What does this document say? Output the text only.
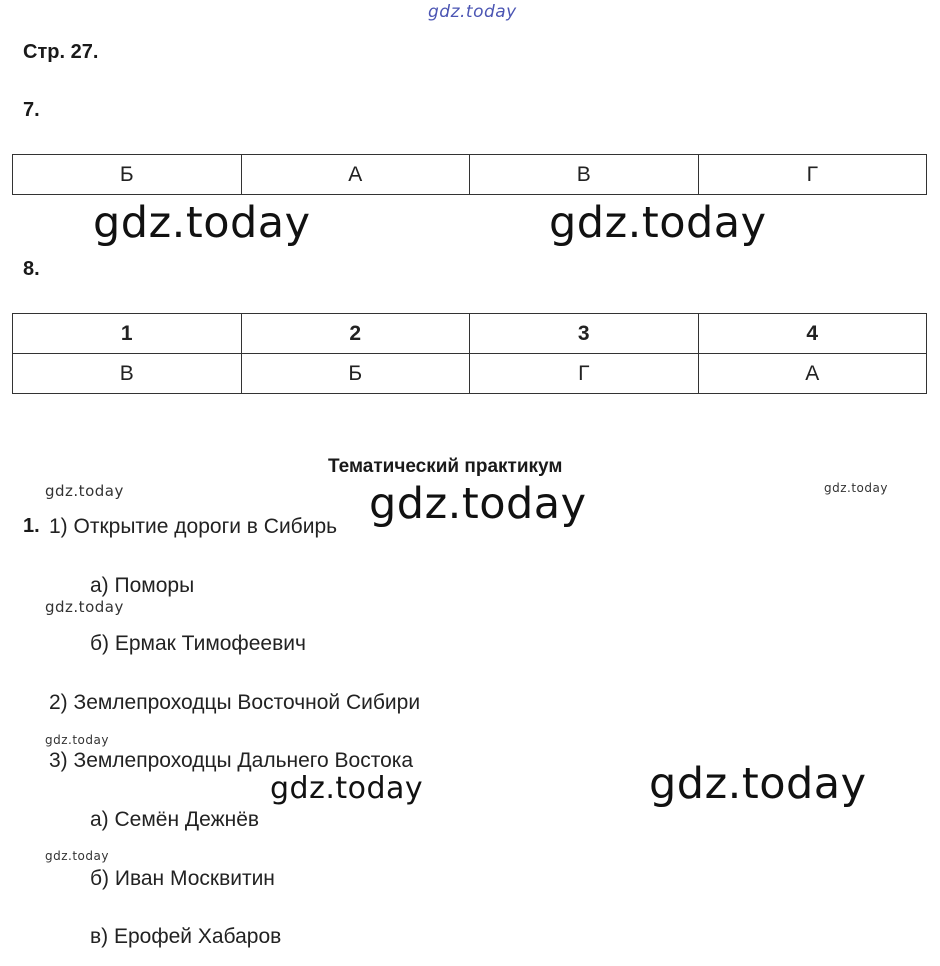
gdz.today
Стр. 27.
7.
Б	А	В	Г
gdz.today	gdz.today
8.
1	2	3	4
В	Б	Г	А
Тематический практикум
gdz.today	gdz.today
gdz.today
1. 1) Открытие дороги в Сибирь
а) Поморы
gdz.today
б) Ермак Тимофеевич
2) Землепроходцы Восточной Сибири
gdz.today
3) Землепроходцы Дальнего Востока
gdz.today	gdz.today
а) Семён Дежнёв
gdz.today
б) Иван Москвитин
в) Ерофей Хабаров
